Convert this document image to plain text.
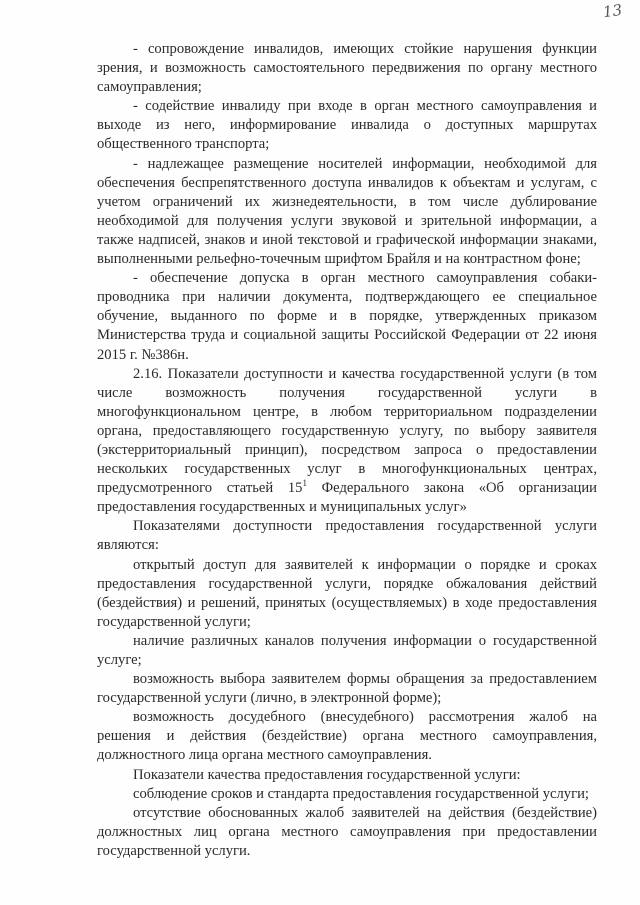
13

- сопровождение инвалидов, имеющих стойкие нарушения функции зрения, и возможность самостоятельного передвижения по органу местного самоуправления;

- содействие инвалиду при входе в орган местного самоуправления и выходе из него, информирование инвалида о доступных маршрутах общественного транспорта;

- надлежащее размещение носителей информации, необходимой для обеспечения беспрепятственного доступа инвалидов к объектам и услугам, с учетом ограничений их жизнедеятельности, в том числе дублирование необходимой для получения услуги звуковой и зрительной информации, а также надписей, знаков и иной текстовой и графической информации знаками, выполненными рельефно-точечным шрифтом Брайля и на контрастном фоне;

- обеспечение допуска в орган местного самоуправления собаки-проводника при наличии документа, подтверждающего ее специальное обучение, выданного по форме и в порядке, утвержденных приказом Министерства труда и социальной защиты Российской Федерации от 22 июня 2015 г. №386н.

2.16. Показатели доступности и качества государственной услуги (в том числе возможность получения государственной услуги в многофункциональном центре, в любом территориальном подразделении органа, предоставляющего государственную услугу, по выбору заявителя (экстерриториальный принцип), посредством запроса о предоставлении нескольких государственных услуг в многофункциональных центрах, предусмотренного статьей $15^1$ Федерального закона «Об организации предоставления государственных и муниципальных услуг»

Показателями доступности предоставления государственной услуги являются:

открытый доступ для заявителей к информации о порядке и сроках предоставления государственной услуги, порядке обжалования действий (бездействия) и решений, принятых (осуществляемых) в ходе предоставления государственной услуги;

наличие различных каналов получения информации о государственной услуге;

возможность выбора заявителем формы обращения за предоставлением государственной услуги (лично, в электронной форме);

возможность досудебного (внесудебного) рассмотрения жалоб на решения и действия (бездействие) органа местного самоуправления, должностного лица органа местного самоуправления.

Показатели качества предоставления государственной услуги:

соблюдение сроков и стандарта предоставления государственной услуги;

отсутствие обоснованных жалоб заявителей на действия (бездействие) должностных лиц органа местного самоуправления при предоставлении государственной услуги.
